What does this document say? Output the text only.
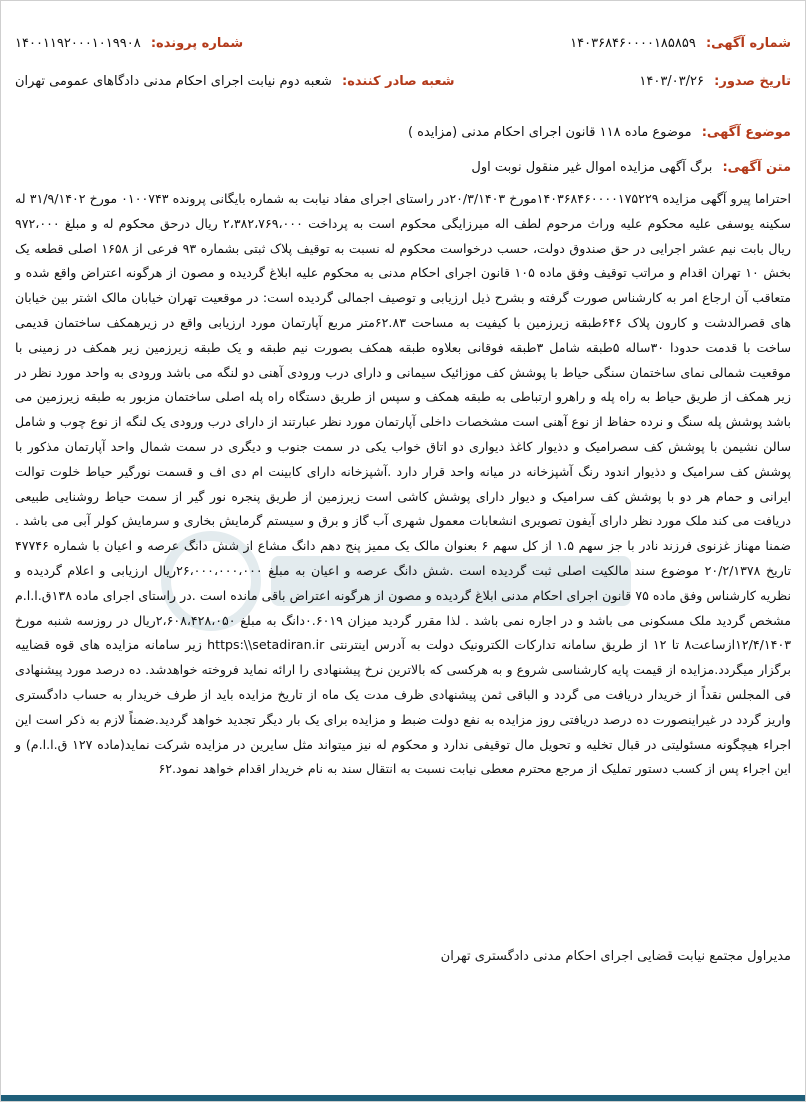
شماره آگهی: ۱۴۰۳۶۸۴۶۰۰۰۰۱۸۵۸۵۹
شماره پرونده: ۱۴۰۰۱۱۹۲۰۰۰۱۰۱۹۹۰۸
تاریخ صدور: ۱۴۰۳/۰۳/۲۶
شعبه صادر کننده: شعبه دوم نیابت اجرای احکام مدنی دادگاهای عمومی تهران
موضوع آگهی: موضوع ماده ۱۱۸ قانون اجرای احکام مدنی (مزایده )
متن آگهی: برگ آگهی مزایده اموال غیر منقول نوبت اول
احتراما پیرو آگهی مزایده ۱۴۰۳۶۸۴۶۰۰۰۰۱۷۵۲۲۹مورخ ۲۰/۳/۱۴۰۳در راستای اجرای مفاد نیابت به شماره بایگانی پرونده ۰۱۰۰۷۴۳ مورخ ۳۱/۹/۱۴۰۲ له سکینه یوسفی علیه محکوم علیه وراث مرحوم لطف اله میرزایگی محکوم است به پرداخت ۲،۳۸۲،۷۶۹،۰۰۰ ریال درحق محکوم له و مبلغ ۹۷۲،۰۰۰ ریال بابت نیم عشر اجرایی در حق صندوق دولت، حسب درخواست محکوم له نسبت به توقیف پلاک ثبتی بشماره ۹۳ فرعی از ۱۶۵۸ اصلی قطعه یک بخش ۱۰ تهران اقدام و مراتب توقیف وفق ماده ۱۰۵ قانون اجرای احکام مدنی به محکوم علیه ابلاغ گردیده و مصون از هرگونه اعتراض واقع شده و متعاقب آن ارجاع امر به کارشناس صورت گرفته و بشرح ذیل ارزیابی و توصیف اجمالی گردیده است: در موقعیت تهران خیابان مالک اشتر بین خیابان های قصرالدشت و کارون پلاک ۶۴۶طبقه زیرزمین با کیفیت به مساحت ۶۲.۸۳متر مربع آپارتمان مورد ارزیابی واقع در زیرهمکف ساختمان قدیمی ساخت با قدمت حدودا ۳۰ساله ۵طبقه شامل ۳طبقه فوقانی بعلاوه طبقه همکف بصورت نیم طبقه و یک طبقه زیرزمین زیر همکف در زمینی با موقعیت شمالی نمای ساختمان سنگی حیاط با پوشش کف موزائیک سیمانی و دارای درب ورودی آهنی دو لنگه می باشد ورودی به واحد مورد نظر در زیر همکف از طریق حیاط به راه پله و راهرو ارتباطی به طبقه همکف و سپس از طریق دستگاه راه پله اصلی ساختمان مزبور به طبقه زیرزمین می باشد پوشش پله سنگ و نرده حفاظ از نوع آهنی است مشخصات داخلی آپارتمان مورد نظر عبارتند از دارای درب ورودی یک لنگه از نوع چوب و شامل سالن نشیمن با پوشش کف سصرامیک و دذیوار کاغذ دیواری دو اتاق خواب یکی در سمت جنوب و دیگری در سمت شمال واحد آپارتمان مذکور با پوشش کف سرامیک و دذیوار اندود رنگ آشپزخانه در میانه واحد قرار دارد .آشپزخانه دارای کابینت ام دی اف و قسمت نورگیر حیاط خلوت توالت ایرانی و حمام هر دو با پوشش کف سرامیک و دیوار دارای پوشش کاشی است زیرزمین از طریق پنجره نور گیر از سمت حیاط روشنایی طبیعی دریافت می کند ملک مورد نظر دارای آیفون تصویری انشعابات معمول شهری آب گاز و برق و سیستم گرمایش بخاری و سرمایش کولر آبی می باشد . ضمنا مهناز غزنوی فرزند نادر با جز سهم ۱.۵ از کل سهم ۶ بعنوان مالک یک ممیز پنج دهم دانگ مشاع از شش دانگ عرصه و اعیان با شماره ۴۷۷۴۶ تاریخ ۲۰/۲/۱۳۷۸ موضوع سند مالکیت اصلی ثبت گردیده است .شش دانگ عرصه و اعیان به مبلغ ۲۶،۰۰۰،۰۰۰،۰۰۰ریال ارزیابی و اعلام گردیده و نظریه کارشناس وفق ماده ۷۵ قانون اجرای احکام مدنی ابلاغ گردیده و مصون از هرگونه اعتراض باقی مانده است .در راستای اجرای ماده ۱۳۸ق.ا.ا.م مشخص گردید ملک مسکونی می باشد و در اجاره نمی باشد . لذا مقرر گردید میزان ۰.۶۰۱۹دانگ به مبلغ ۲،۶۰۸،۴۲۸،۰۵۰ریال در روزسه شنبه مورخ ۱۲/۴/۱۴۰۳ازساعت۸ تا ۱۲ از طریق سامانه تدارکات الکترونیک دولت به آدرس اینترنتی https:\\setadiran.ir زیر سامانه مزایده های قوه قضاییه برگزار میگردد.مزایده از قیمت پایه کارشناسی شروع و به هرکسی که بالاترین نرخ پیشنهادی را ارائه نماید فروخته خواهدشد. ده درصد مورد پیشنهادی فی المجلس نقداً از خریدار دریافت می گردد و الباقی ثمن پیشنهادی ظرف مدت یک ماه از تاریخ مزایده باید از طرف خریدار به حساب دادگستری واریز گردد در غیراینصورت ده درصد دریافتی روز مزایده به نفع دولت ضبط و مزایده برای یک بار دیگر تجدید خواهد گردید.ضمناً لازم به ذکر است این اجراء هیچگونه مسئولیتی در قبال تخلیه و تحویل مال توقیفی ندارد و محکوم له نیز میتواند مثل سایرین در مزایده شرکت نماید(ماده ۱۲۷ ق.ا.ا.م) و این اجراء پس از کسب دستور تملیک از مرجع محترم معطی نیابت نسبت به انتقال سند به نام خریدار اقدام خواهد نمود.۶۲
مدیراول مجتمع نیابت قضایی اجرای احکام مدنی دادگستری تهران
